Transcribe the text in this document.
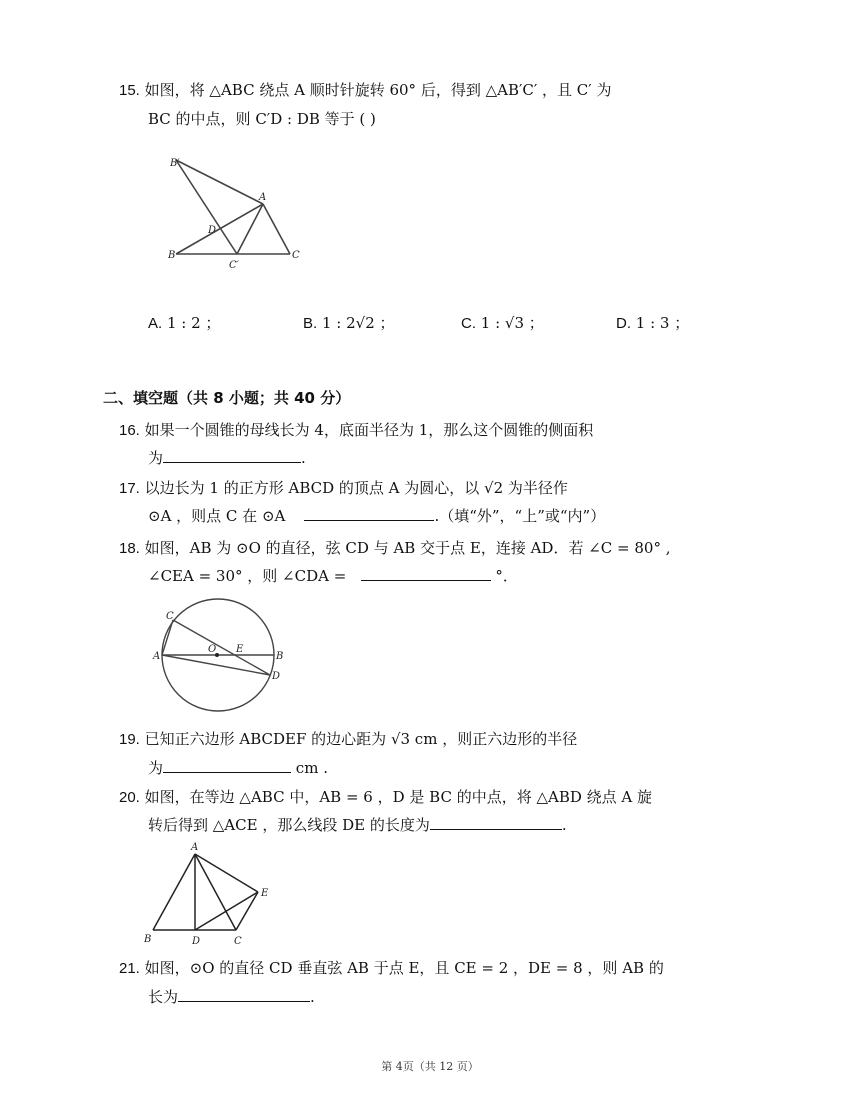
15. 如图，将 △ABC 绕点 A 顺时针旋转 60° 后，得到 △AB′C′ ，且 C′ 为
BC 的中点，则 C′D : DB 等于 ( )
B′
A
D
B
C′
C
A. 1 : 2 ；	B. 1 : 2√2 ；	C. 1 : √3 ；	D. 1 : 3 ；
二、填空题（共 8 小题；共 40 分）
16. 如果一个圆锥的母线长为 4，底面半径为 1，那么这个圆锥的侧面积
为	.
17. 以边长为 1 的正方形 ABCD 的顶点 A 为圆心，以 √2 为半径作
⊙A ，则点 C 在 ⊙A	.（填“外”，“上”或“内”）
18. 如图，AB 为 ⊙O 的直径，弦 CD 与 AB 交于点 E，连接 AD．若 ∠C = 80° ,
∠CEA = 30° ，则 ∠CDA =	°．
C
A
O E
B
D
19. 已知正六边形 ABCDEF 的边心距为 √3 cm ，则正六边形的半径
为	cm .
20. 如图，在等边 △ABC 中，AB = 6 ，D 是 BC 的中点，将 △ABD 绕点 A 旋
转后得到 △ACE ，那么线段 DE 的长度为	.
A
E
B	D	C
21. 如图，⊙O 的直径 CD 垂直弦 AB 于点 E，且 CE = 2 ，DE = 8 ，则 AB 的
长为	.
第 4页（共 12 页）
